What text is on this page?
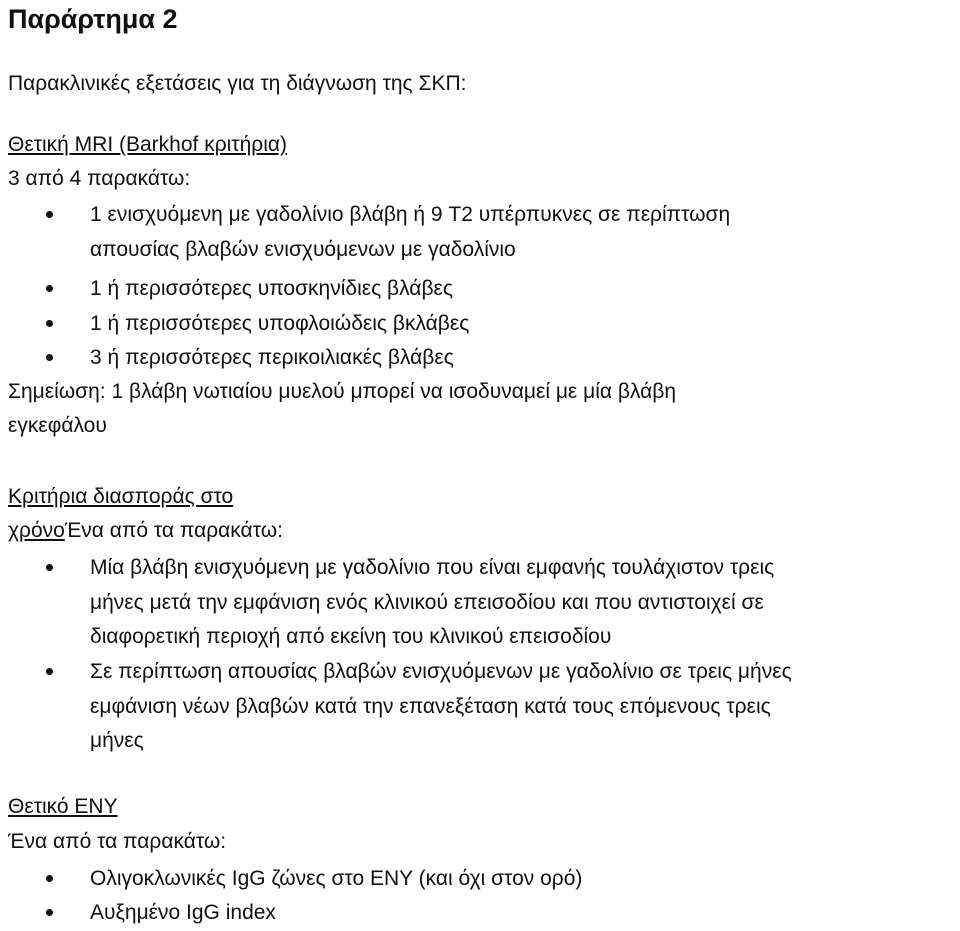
Παράρτημα 2
Παρακλινικές εξετάσεις για τη διάγνωση της ΣΚΠ:
Θετική MRI (Barkhof κριτήρια)
3 από 4 παρακάτω:
1 ενισχυόμενη με γαδολίνιο βλάβη ή 9 T2 υπέρπυκνες σε περίπτωση
απουσίας βλαβών ενισχυόμενων με γαδολίνιο
1 ή περισσότερες υποσκηνίδιες βλάβες
1 ή περισσότερες υποφλοιώδεις βκλάβες
3 ή περισσότερες περικοιλιακές βλάβες
Σημείωση: 1 βλάβη νωτιαίου μυελού μπορεί να ισοδυναμεί με μία βλάβη
εγκεφάλου
Κριτήρια διασποράς στο
χρόνοΈνα από τα παρακάτω:
Μία βλάβη ενισχυόμενη με γαδολίνιο που είναι εμφανής τουλάχιστον τρεις
μήνες μετά την εμφάνιση ενός κλινικού επεισοδίου και που αντιστοιχεί σε
διαφορετική περιοχή από εκείνη του κλινικού επεισοδίου
Σε περίπτωση απουσίας βλαβών ενισχυόμενων με γαδολίνιο σε τρεις μήνες
εμφάνιση νέων βλαβών κατά την επανεξέταση κατά τους επόμενους τρεις
μήνες
Θετικό ΕΝΥ
Ένα από τα παρακάτω:
Ολιγοκλωνικές IgG ζώνες στο ΕΝΥ (και όχι στον ορό)
Αυξημένο IgG index
